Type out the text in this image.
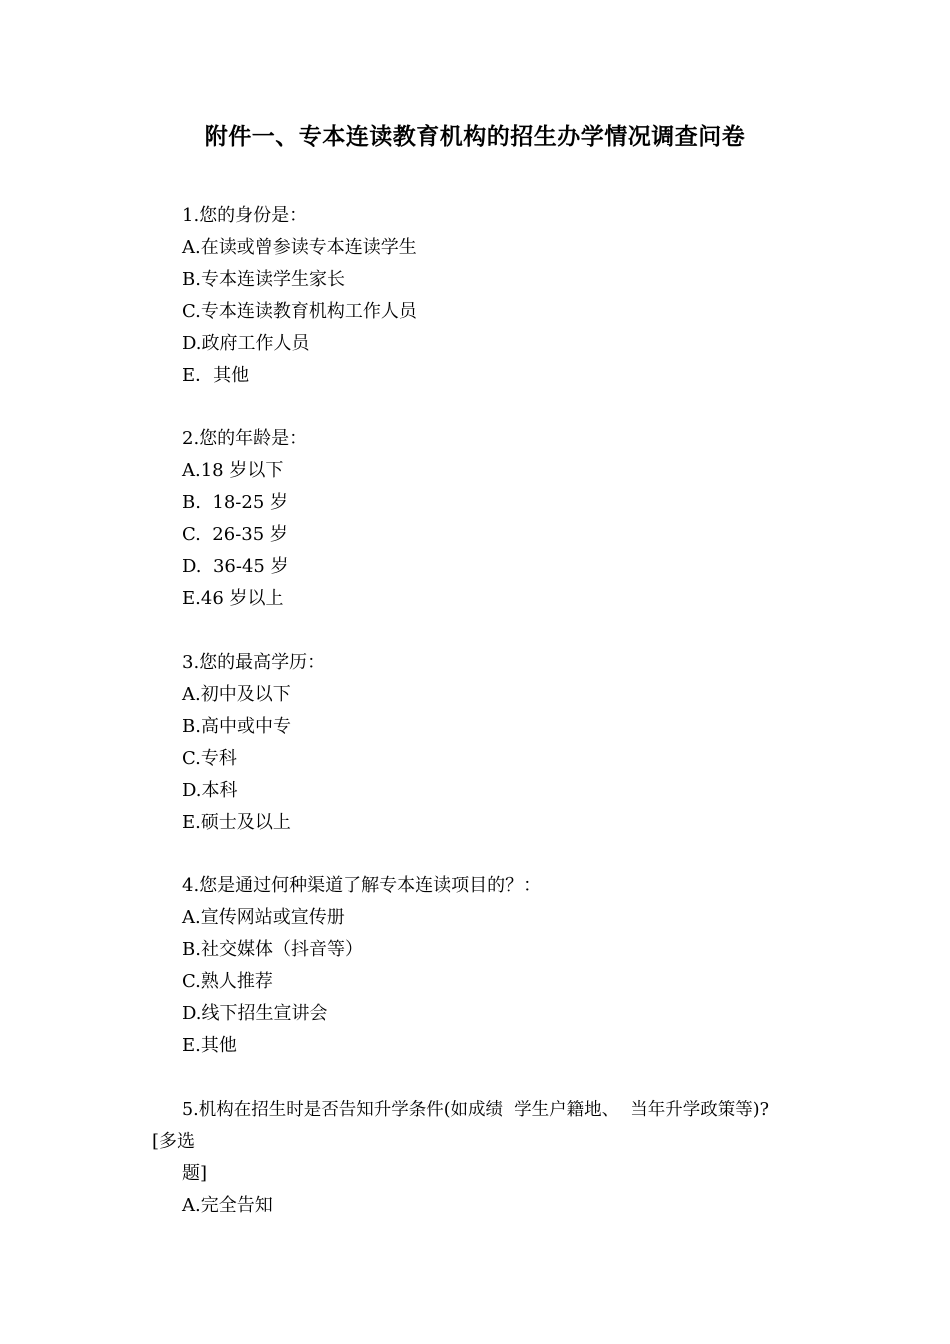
附件一、专本连读教育机构的招生办学情况调查问卷
1.您的身份是：
A.在读或曾参读专本连读学生
B.专本连读学生家长
C.专本连读教育机构工作人员
D.政府工作人员
E．其他
2.您的年龄是：
A.18 岁以下
B.  18-25 岁
C.  26-35 岁
D.  36-45 岁
E.46 岁以上
3.您的最高学历：
A.初中及以下
B.高中或中专
C.专科
D.本科
E.硕士及以上
4.您是通过何种渠道了解专本连读项目的？：
A.宣传网站或宣传册
B.社交媒体（抖音等）
C.熟人推荐
D.线下招生宣讲会
E.其他
5.机构在招生时是否告知升学条件(如成绩  学生户籍地、  当年升学政策等)?
[多选
题]
A.完全告知
